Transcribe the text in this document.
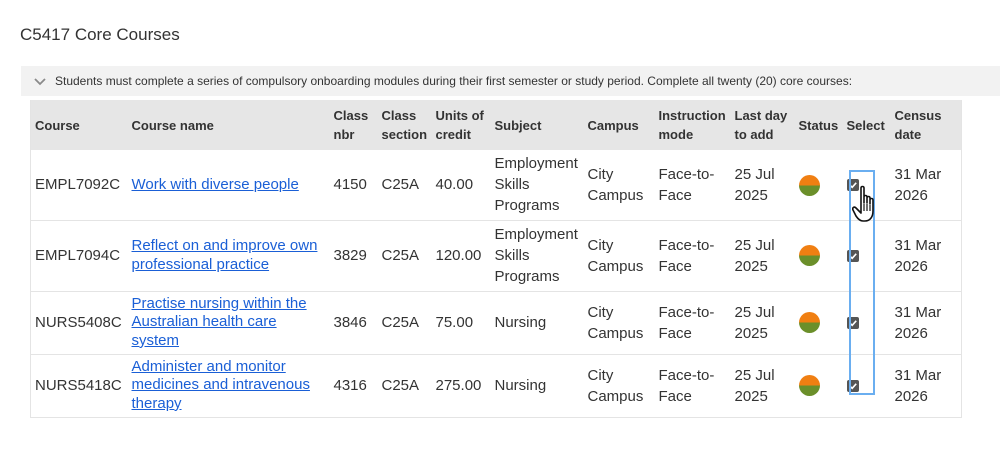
C5417 Core Courses
Students must complete a series of compulsory onboarding modules during their first semester or study period. Complete all twenty (20) core courses:
Course	Course name	Class nbr	Class section	Units of credit	Subject	Campus	Instruction mode	Last day to add	Status	Select	Census date
EMPL7092C	Work with diverse people	4150	C25A	40.00	Employment Skills Programs	City Campus	Face-to-Face	25 Jul 2025			31 Mar 2026
EMPL7094C	Reflect on and improve own professional practice	3829	C25A	120.00	Employment Skills Programs	City Campus	Face-to-Face	25 Jul 2025			31 Mar 2026
NURS5408C	Practise nursing within the Australian health care system	3846	C25A	75.00	Nursing	City Campus	Face-to-Face	25 Jul 2025			31 Mar 2026
NURS5418C	Administer and monitor medicines and intravenous therapy	4316	C25A	275.00	Nursing	City Campus	Face-to-Face	25 Jul 2025			31 Mar 2026
